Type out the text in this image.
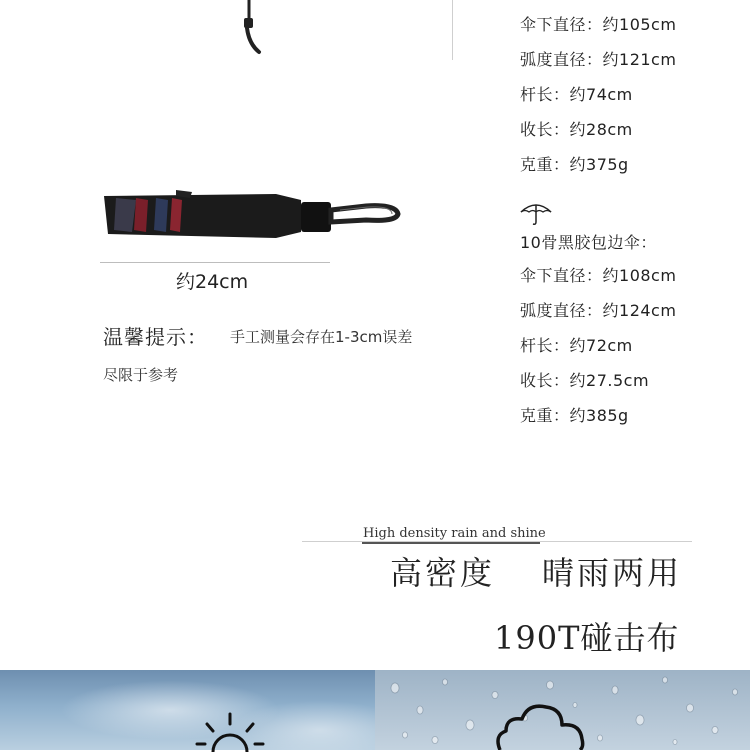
约24cm
温馨提示： 手工测量会存在1-3cm误差
尽限于参考
伞下直径：约105cm
弧度直径：约121cm
杆长：约74cm
收长：约28cm
克重：约375g
10骨黑胶包边伞：
伞下直径：约108cm
弧度直径：约124cm
杆长：约72cm
收长：约27.5cm
克重：约385g
High density rain and shine
高密度 晴雨两用
190T碰击布
